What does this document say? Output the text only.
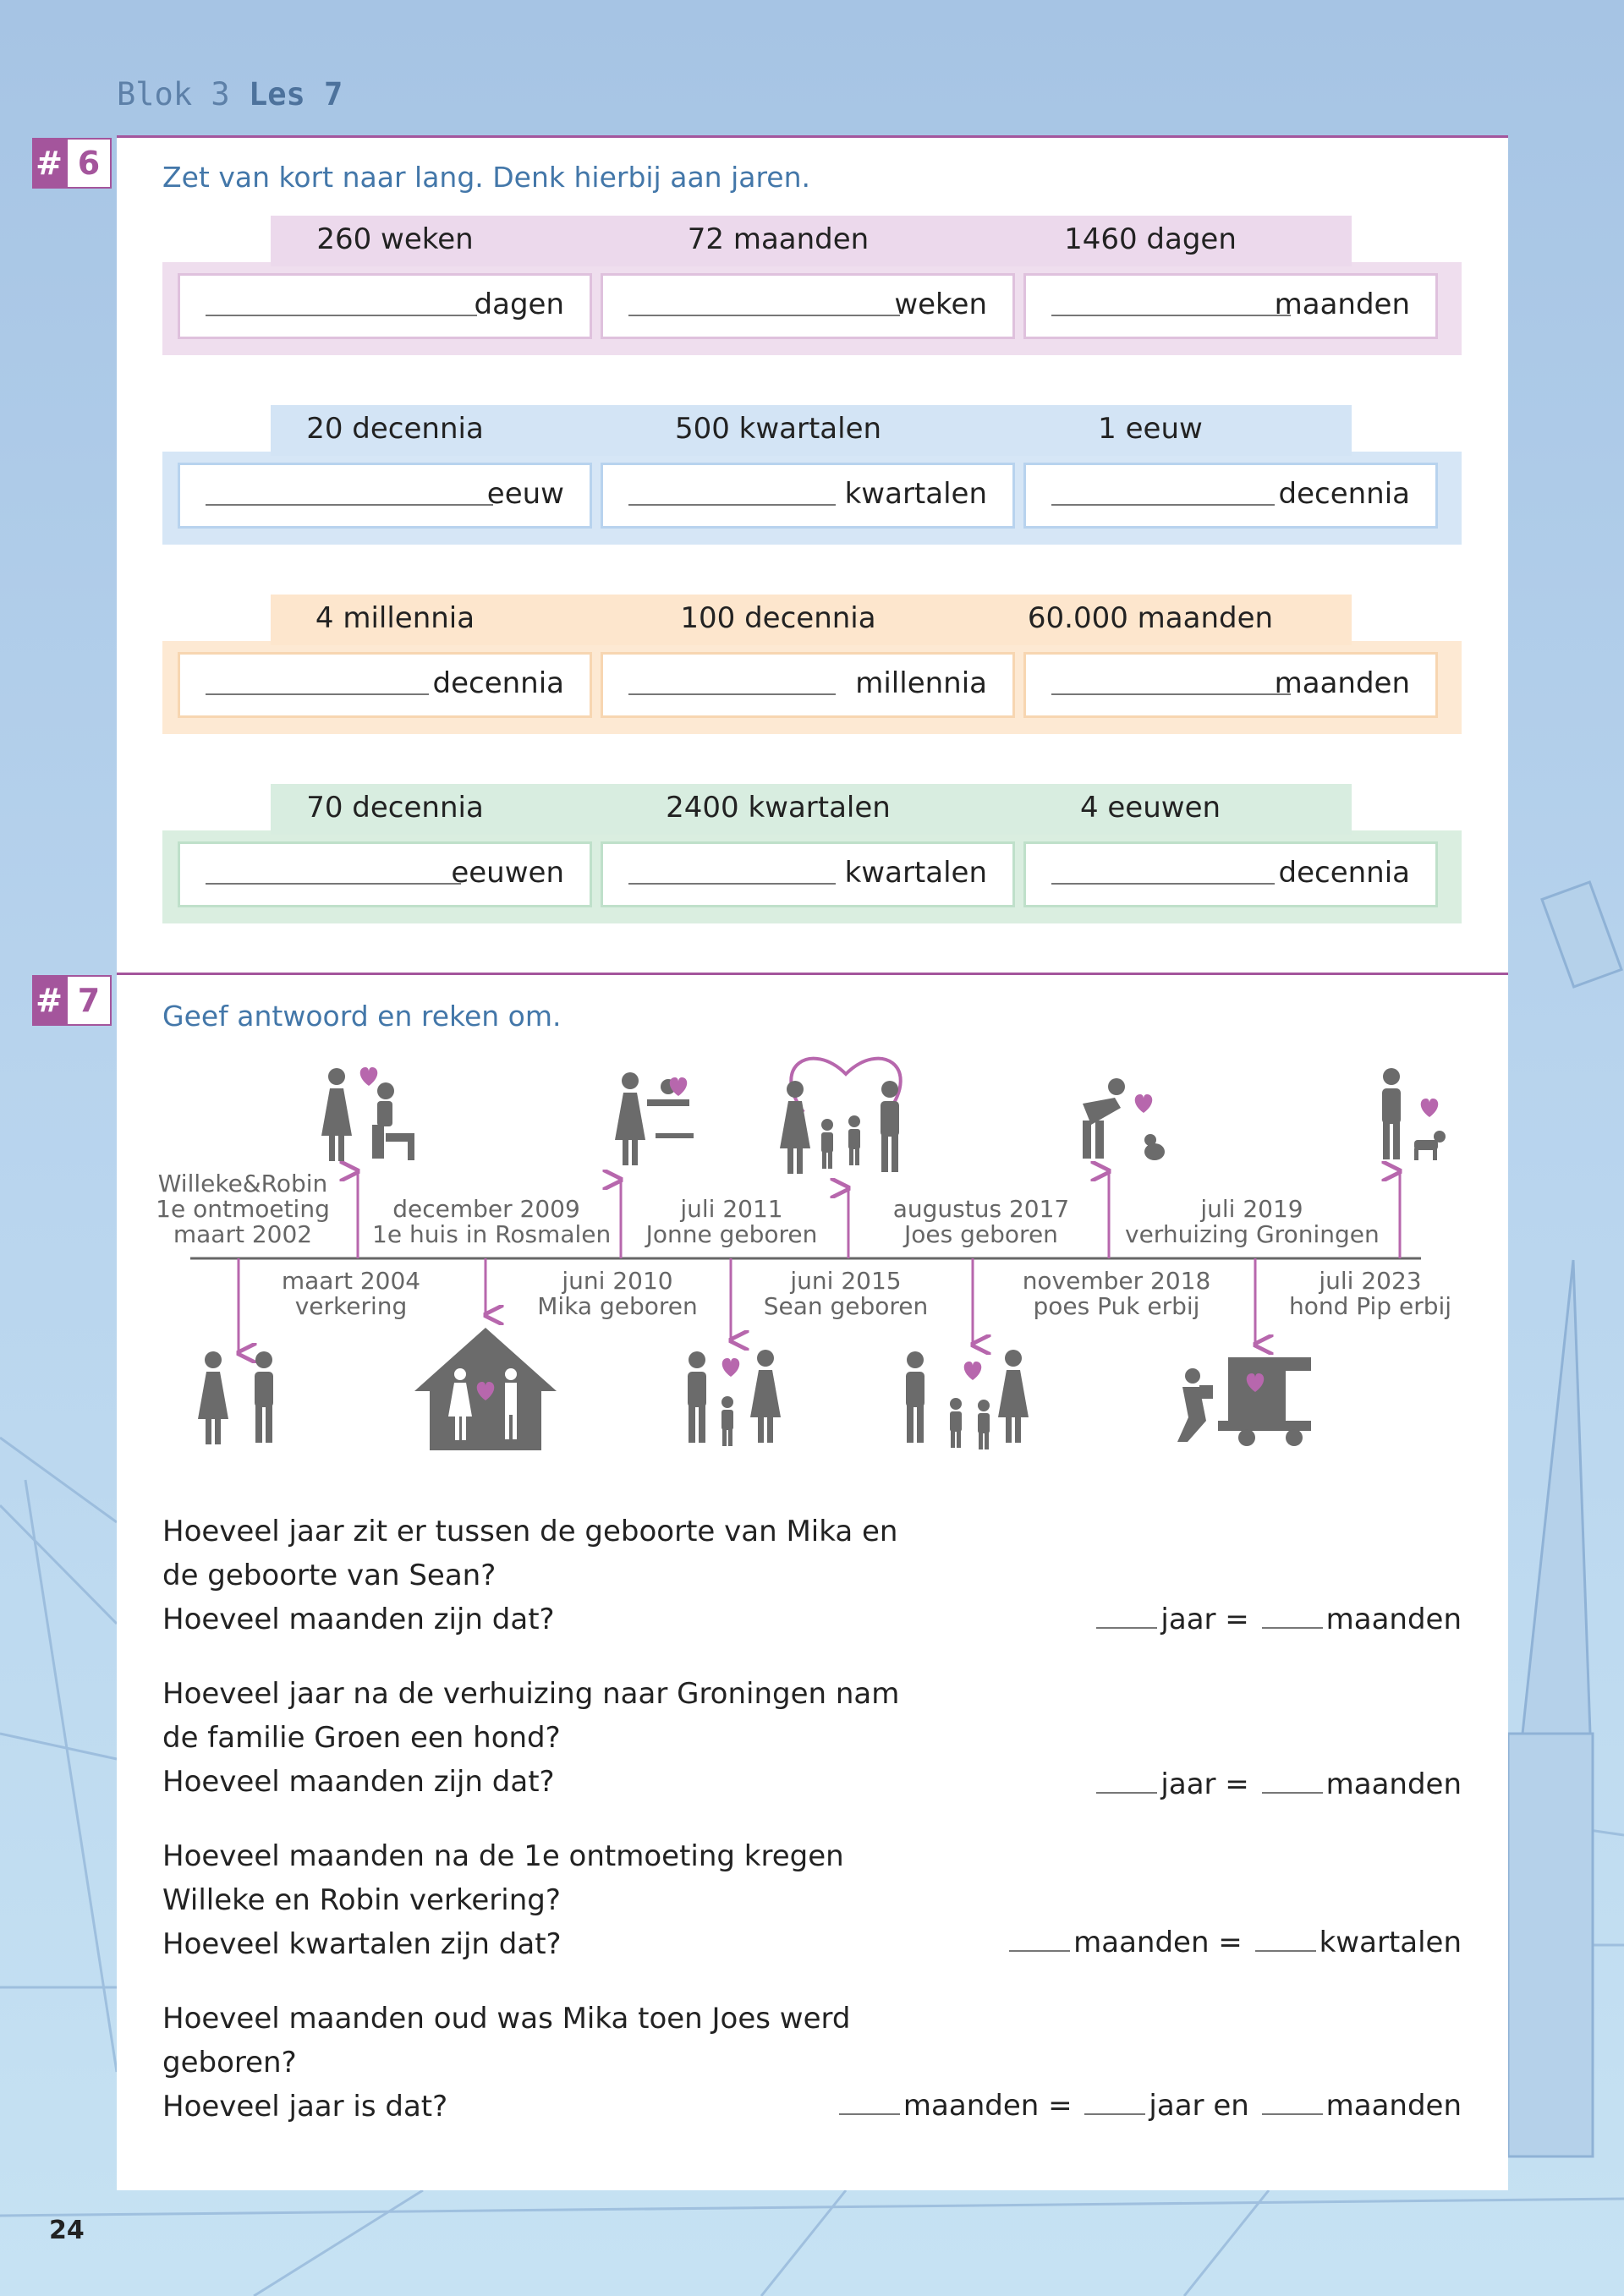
Blok 3 Les 7
# 6	Zet van kort naar lang. Denk hierbij aan jaren.
260 weken	72 maanden	1460 dagen
dagen	weken	maanden
20 decennia	500 kwartalen	1 eeuw
eeuw	kwartalen	decennia
4 millennia	100 decennia	60.000 maanden
decennia	millennia	maanden
70 decennia	2400 kwartalen	4 eeuwen
eeuwen	kwartalen	decennia
# 7	Geef antwoord en reken om.
Willeke&Robin
1e ontmoeting
maart 2002
december 2009
1e huis in Rosmalen
juli 2011
Jonne geboren
augustus 2017
Joes geboren
juli 2019
verhuizing Groningen
maart 2004
verkering
juni 2010
Mika geboren
juni 2015
Sean geboren
november 2018
poes Puk erbij
juli 2023
hond Pip erbij
Hoeveel jaar zit er tussen de geboorte van Mika en
de geboorte van Sean?
Hoeveel maanden zijn dat?	jaar =	maanden
Hoeveel jaar na de verhuizing naar Groningen nam
de familie Groen een hond?
Hoeveel maanden zijn dat?	jaar =	maanden
Hoeveel maanden na de 1e ontmoeting kregen
Willeke en Robin verkering?
Hoeveel kwartalen zijn dat?	maanden =	kwartalen
Hoeveel maanden oud was Mika toen Joes werd
geboren?
Hoeveel jaar is dat?	maanden =	jaar en	maanden
24
